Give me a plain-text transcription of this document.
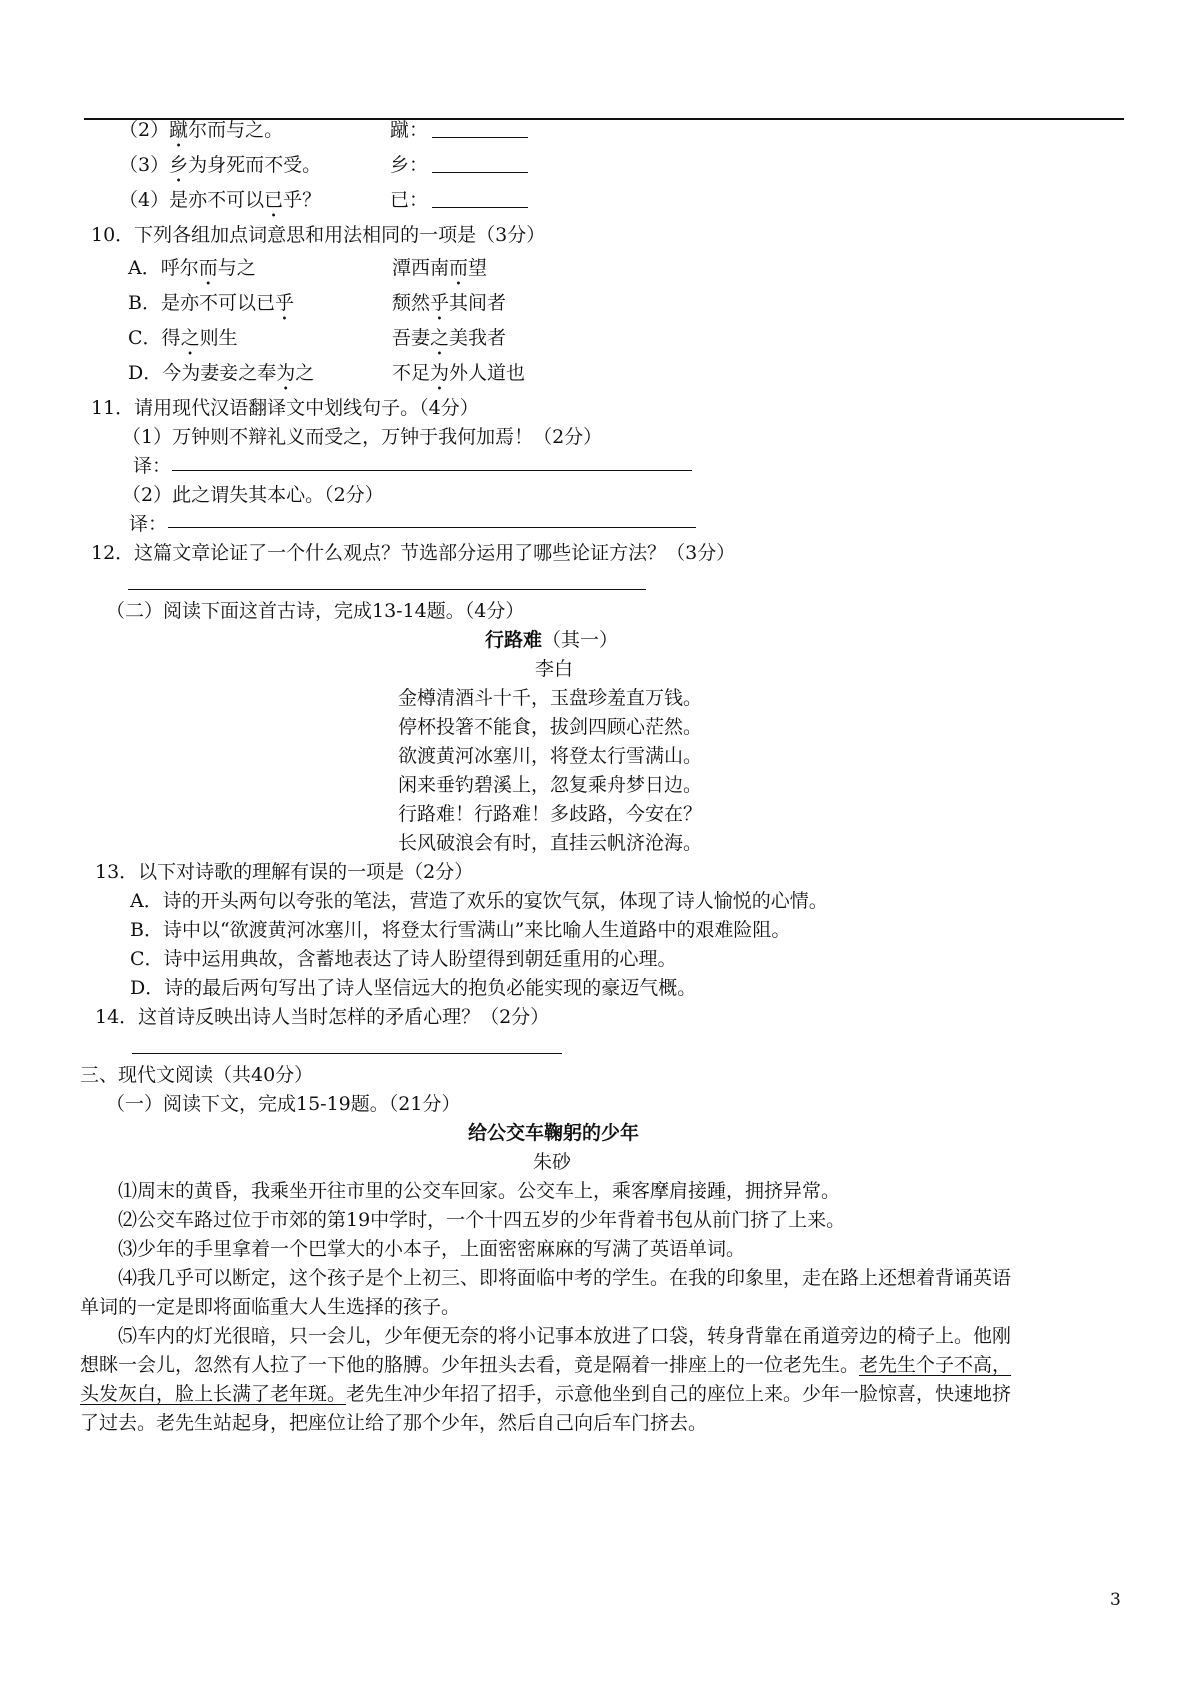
（2）蹴尔而与之。	蹴：
（3）乡为身死而不受。	乡：
（4）是亦不可以已乎？	已：
10．下列各组加点词意思和用法相同的一项是（3分）
A．呼尔而与之	潭西南而望
B．是亦不可以已乎	颓然乎其间者
C．得之则生	吾妻之美我者
D．今为妻妾之奉为之	不足为外人道也
11．请用现代汉语翻译文中划线句子。（4分）
（1）万钟则不辩礼义而受之，万钟于我何加焉！（2分）
译：
（2）此之谓失其本心。（2分）
译：
12．这篇文章论证了一个什么观点？节选部分运用了哪些论证方法？（3分）
（二）阅读下面这首古诗，完成13-14题。（4分）
行路难（其一）
李白
金樽清酒斗十千，玉盘珍羞直万钱。
停杯投箸不能食，拔剑四顾心茫然。
欲渡黄河冰塞川，将登太行雪满山。
闲来垂钓碧溪上，忽复乘舟梦日边。
行路难！行路难！多歧路，今安在？
长风破浪会有时，直挂云帆济沧海。
13．以下对诗歌的理解有误的一项是（2分）
A．诗的开头两句以夸张的笔法，营造了欢乐的宴饮气氛，体现了诗人愉悦的心情。
B．诗中以“欲渡黄河冰塞川，将登太行雪满山”来比喻人生道路中的艰难险阻。
C．诗中运用典故，含蓄地表达了诗人盼望得到朝廷重用的心理。
D．诗的最后两句写出了诗人坚信远大的抱负必能实现的豪迈气概。
14．这首诗反映出诗人当时怎样的矛盾心理？（2分）
三、现代文阅读（共40分）
（一）阅读下文，完成15-19题。（21分）
给公交车鞠躬的少年
朱砂
⑴周末的黄昏，我乘坐开往市里的公交车回家。公交车上，乘客摩肩接踵，拥挤异常。
⑵公交车路过位于市郊的第19中学时，一个十四五岁的少年背着书包从前门挤了上来。
⑶少年的手里拿着一个巴掌大的小本子，上面密密麻麻的写满了英语单词。
⑷我几乎可以断定，这个孩子是个上初三、即将面临中考的学生。在我的印象里，走在路上还想着背诵英语
单词的一定是即将面临重大人生选择的孩子。
⑸车内的灯光很暗，只一会儿，少年便无奈的将小记事本放进了口袋，转身背靠在甬道旁边的椅子上。他刚
想眯一会儿，忽然有人拉了一下他的胳膊。少年扭头去看，竟是隔着一排座上的一位老先生。老先生个子不高，
头发灰白，脸上长满了老年斑。老先生冲少年招了招手，示意他坐到自己的座位上来。少年一脸惊喜，快速地挤
了过去。老先生站起身，把座位让给了那个少年，然后自己向后车门挤去。
3
